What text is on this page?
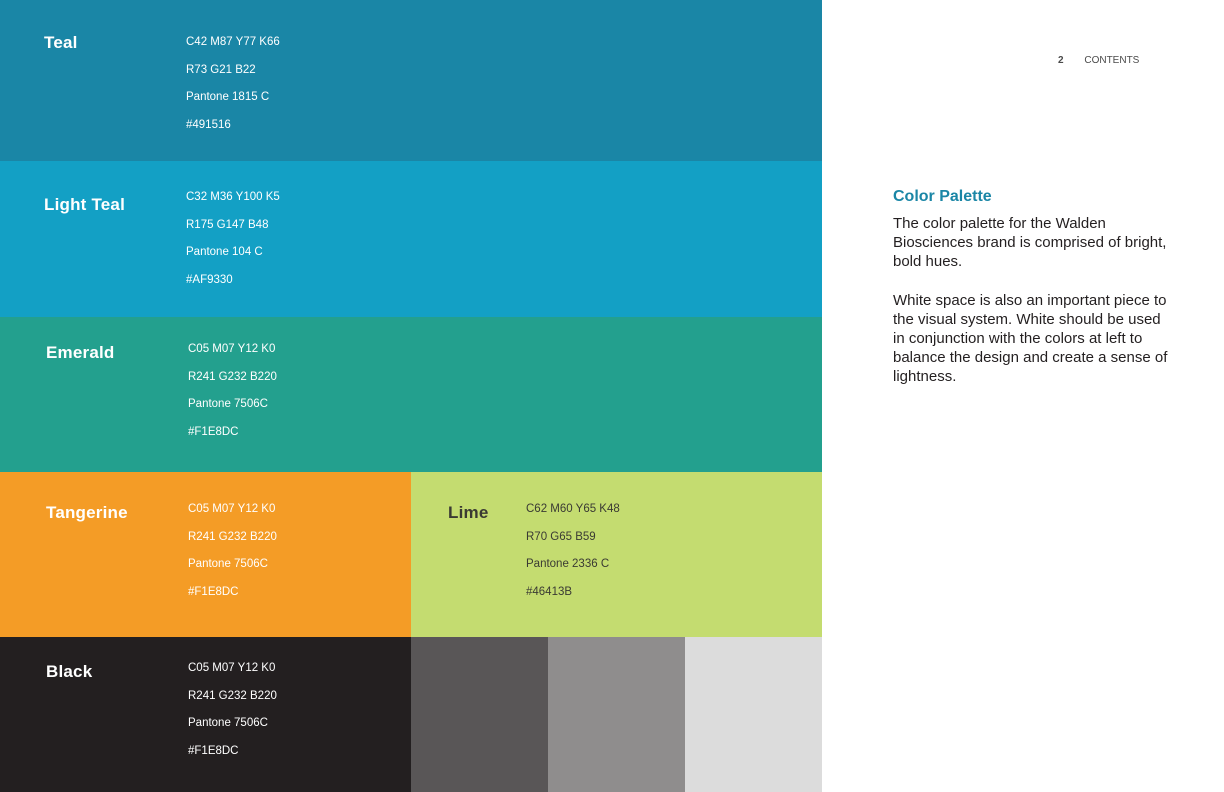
Teal	C42 M87 Y77 K66
R73 G21 B22
Pantone 1815 C
#491516
Light Teal	C32 M36 Y100 K5
R175 G147 B48
Pantone 104 C
#AF9330
Emerald	C05 M07 Y12 K0
R241 G232 B220
Pantone 7506C
#F1E8DC
Tangerine	C05 M07 Y12 K0
R241 G232 B220
Pantone 7506C
#F1E8DC
Lime	C62 M60 Y65 K48
R70 G65 B59
Pantone 2336 C
#46413B
Black	C05 M07 Y12 K0
R241 G232 B220
Pantone 7506C
#F1E8DC
2 CONTENTS
Color Palette

The color palette for the Walden Biosciences brand is comprised of bright, bold hues.

White space is also an important piece to the visual system. White should be used in conjunction with the colors at left to balance the design and create a sense of lightness.
